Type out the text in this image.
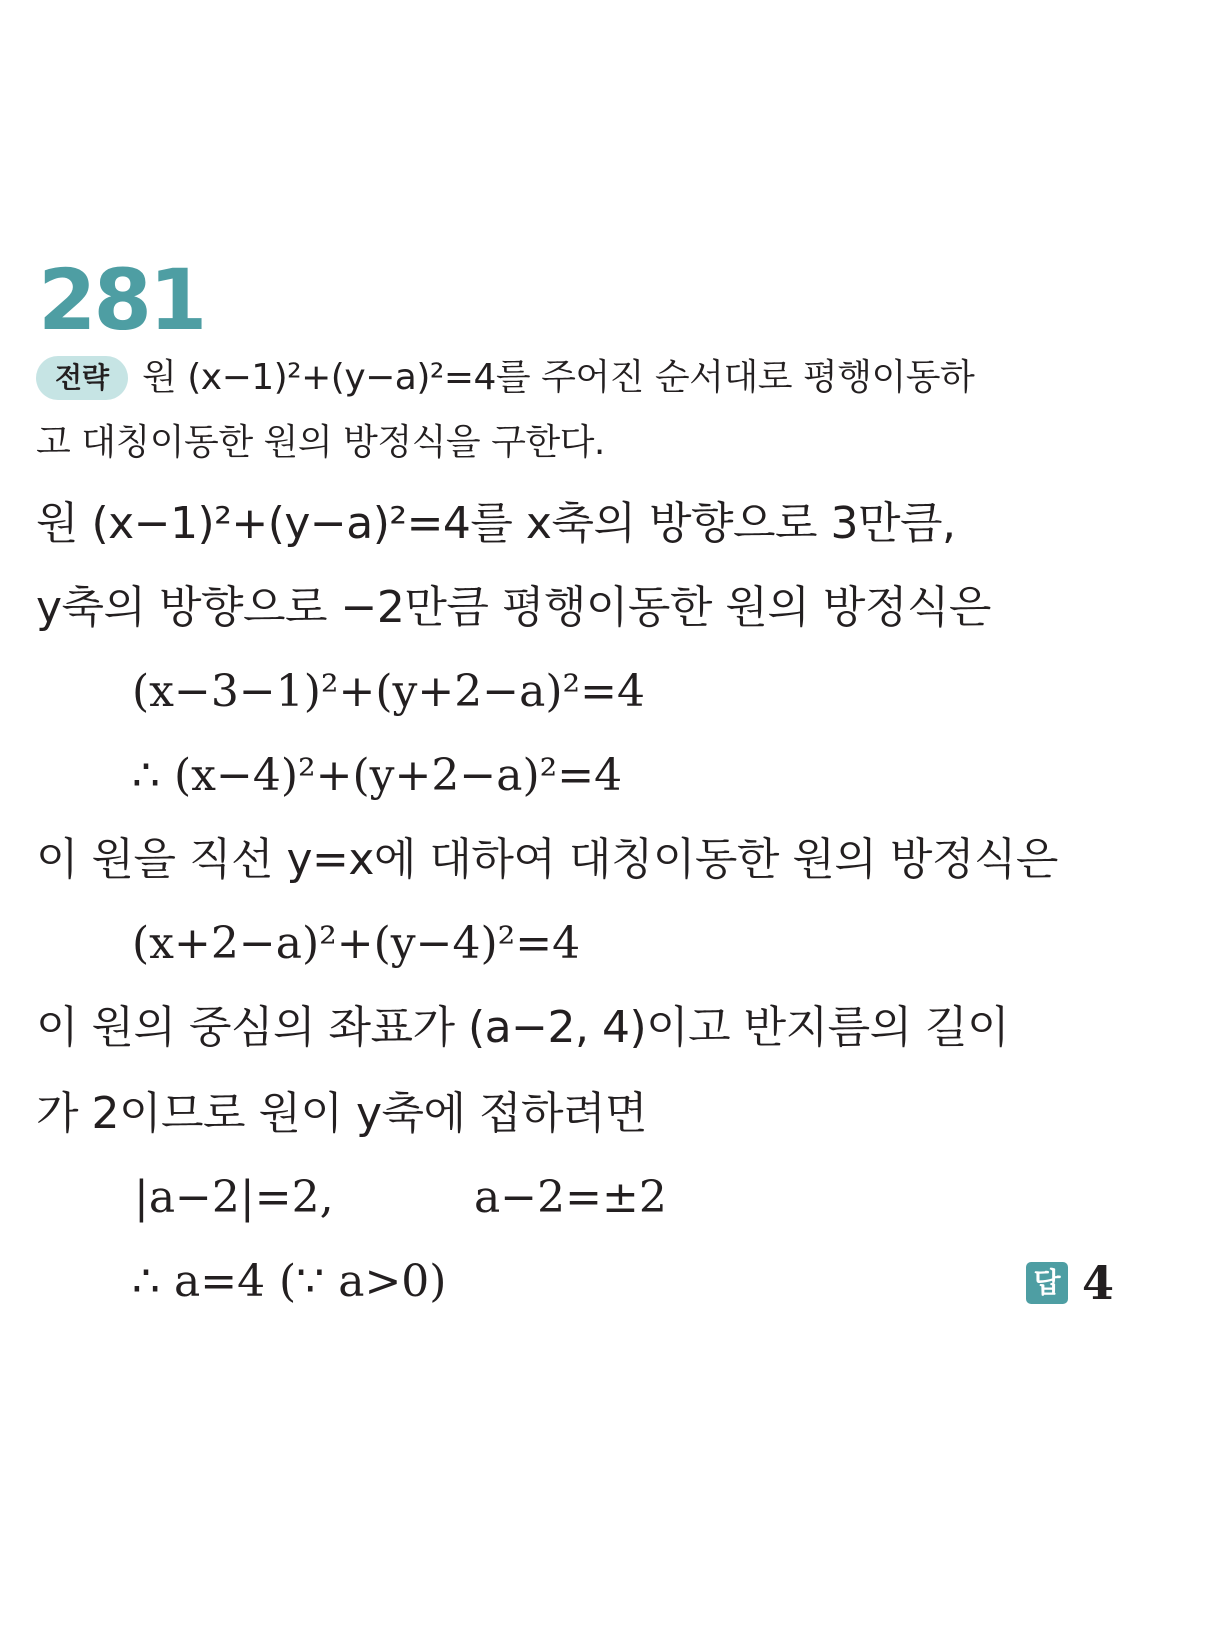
281
전략 원 (x−1)²+(y−a)²=4를 주어진 순서대로 평행이동하
고 대칭이동한 원의 방정식을 구한다.
원 (x−1)²+(y−a)²=4를 x축의 방향으로 3만큼,
y축의 방향으로 −2만큼 평행이동한 원의 방정식은
(x−3−1)²+(y+2−a)²=4
∴ (x−4)²+(y+2−a)²=4
이 원을 직선 y=x에 대하여 대칭이동한 원의 방정식은
(x+2−a)²+(y−4)²=4
이 원의 중심의 좌표가 (a−2, 4)이고 반지름의 길이
가 2이므로 원이 y축에 접하려면
|a−2|=2,	a−2=±2
∴ a=4 (∵ a>0)	답 4
